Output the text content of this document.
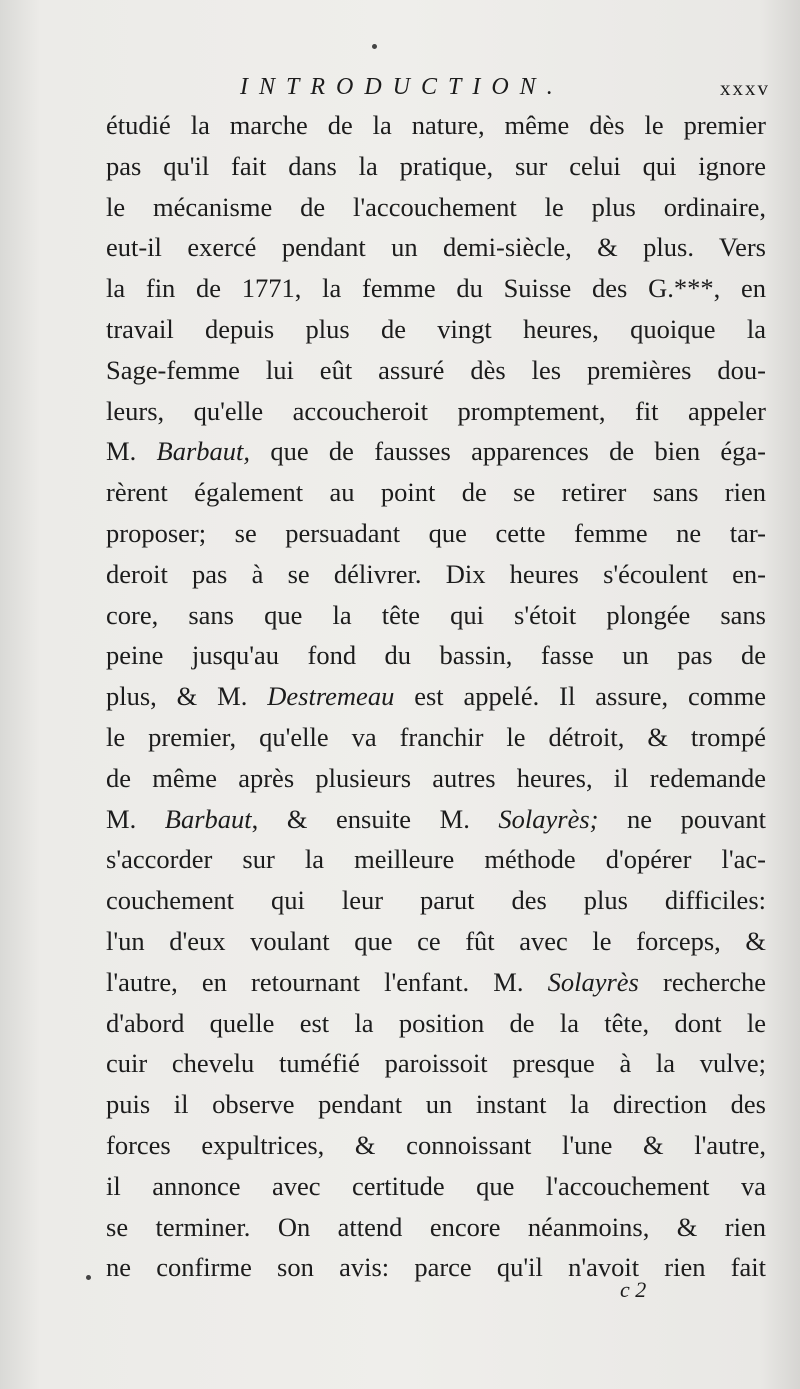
INTRODUCTION.	xxxv
étudié la marche de la nature, même dès le premier
pas qu'il fait dans la pratique, sur celui qui ignore
le mécanisme de l'accouchement le plus ordinaire,
eut-il exercé pendant un demi-siècle, & plus. Vers
la fin de 1771, la femme du Suisse des G.***, en
travail depuis plus de vingt heures, quoique la
Sage-femme lui eût assuré dès les premières dou-
leurs, qu'elle accoucheroit promptement, fit appeler
M. Barbaut, que de fausses apparences de bien éga-
rèrent également au point de se retirer sans rien
proposer; se persuadant que cette femme ne tar-
deroit pas à se délivrer. Dix heures s'écoulent en-
core, sans que la tête qui s'étoit plongée sans
peine jusqu'au fond du bassin, fasse un pas de
plus, & M. Destremeau est appelé. Il assure, comme
le premier, qu'elle va franchir le détroit, & trompé
de même après plusieurs autres heures, il redemande
M. Barbaut, & ensuite M. Solayrès; ne pouvant
s'accorder sur la meilleure méthode d'opérer l'ac-
couchement qui leur parut des plus difficiles:
l'un d'eux voulant que ce fût avec le forceps, &
l'autre, en retournant l'enfant. M. Solayrès recherche
d'abord quelle est la position de la tête, dont le
cuir chevelu tuméfié paroissoit presque à la vulve;
puis il observe pendant un instant la direction des
forces expultrices, & connoissant l'une & l'autre,
il annonce avec certitude que l'accouchement va
se terminer. On attend encore néanmoins, & rien
ne confirme son avis: parce qu'il n'avoit rien fait
c 2
